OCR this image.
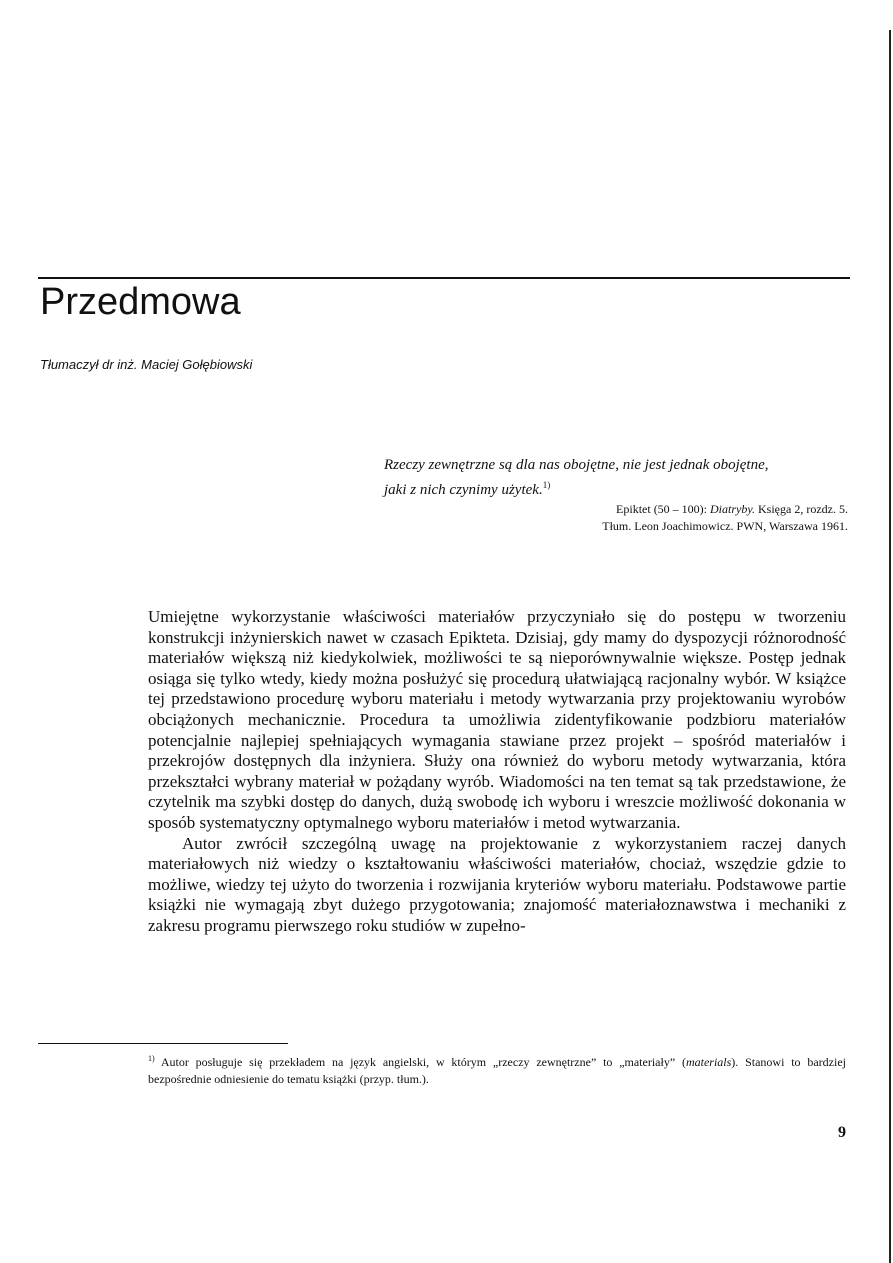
Przedmowa
Tłumaczył dr inż. Maciej Gołębiowski
Rzeczy zewnętrzne są dla nas obojętne, nie jest jednak obojętne,
jaki z nich czynimy użytek.$^{1)}$
Epiktet (50 – 100): Diatryby. Księga 2, rozdz. 5.
Tłum. Leon Joachimowicz. PWN, Warszawa 1961.

Umiejętne wykorzystanie właściwości materiałów przyczyniało się do postępu w tworzeniu konstrukcji inżynierskich nawet w czasach Epikteta. Dzisiaj, gdy mamy do dyspozycji różnorodność materiałów większą niż kiedykolwiek, możliwości te są nieporównywalnie większe. Postęp jednak osiąga się tylko wtedy, kiedy można posłużyć się procedurą ułatwiającą racjonalny wybór. W książce tej przedstawiono procedurę wyboru materiału i metody wytwarzania przy projektowaniu wyrobów obciążonych mechanicznie. Procedura ta umożliwia zidentyfikowanie podzbioru materiałów potencjalnie najlepiej spełniających wymagania stawiane przez projekt – spośród materiałów i przekrojów dostępnych dla inżyniera. Służy ona również do wyboru metody wytwarzania, która przekształci wybrany materiał w pożądany wyrób. Wiadomości na ten temat są tak przedstawione, że czytelnik ma szybki dostęp do danych, dużą swobodę ich wyboru i wreszcie możliwość dokonania w sposób systematyczny optymalnego wyboru materiałów i metod wytwarzania.

Autor zwrócił szczególną uwagę na projektowanie z wykorzystaniem raczej danych materiałowych niż wiedzy o kształtowaniu właściwości materiałów, chociaż, wszędzie gdzie to możliwe, wiedzy tej użyto do tworzenia i rozwijania kryteriów wyboru materiału. Podstawowe partie książki nie wymagają zbyt dużego przygotowania; znajomość materiałoznawstwa i mechaniki z zakresu programu pierwszego roku studiów w zupełno-

$^{1)}$ Autor posługuje się przekładem na język angielski, w którym „rzeczy zewnętrzne” to „materiały” (materials). Stanowi to bardziej bezpośrednie odniesienie do tematu książki (przyp. tłum.).

9
